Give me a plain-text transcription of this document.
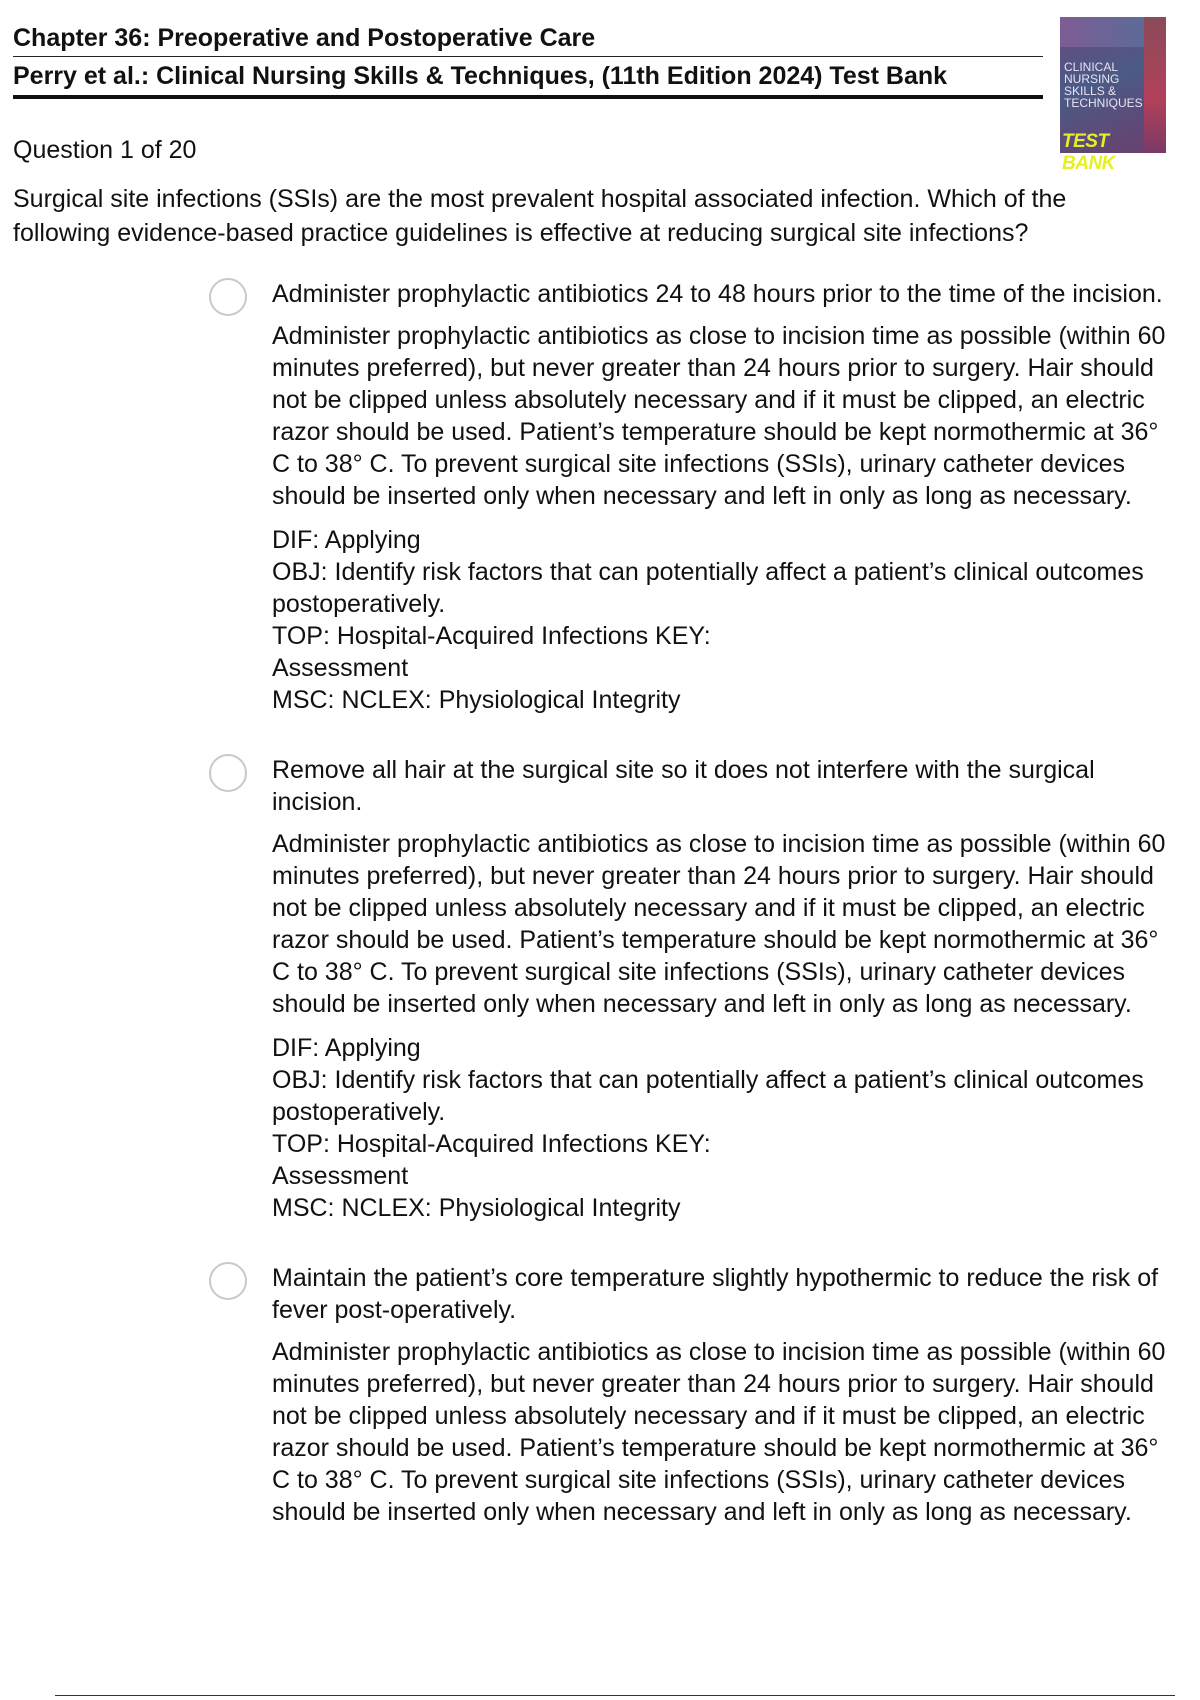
Chapter 36: Preoperative and Postoperative Care
Perry et al.: Clinical Nursing Skills & Techniques, (11th Edition 2024) Test Bank	CLINICAL
NURSING
SKILLS &
TECHNIQUES
TEST BANK
Question 1 of 20
Surgical site infections (SSIs) are the most prevalent hospital associated infection. Which of the following evidence-based practice guidelines is effective at reducing surgical site infections?
Administer prophylactic antibiotics 24 to 48 hours prior to the time of the incision.
Administer prophylactic antibiotics as close to incision time as possible (within 60 minutes preferred), but never greater than 24 hours prior to surgery. Hair should not be clipped unless absolutely necessary and if it must be clipped, an electric razor should be used. Patient’s temperature should be kept normothermic at 36° C to 38° C. To prevent surgical site infections (SSIs), urinary catheter devices should be inserted only when necessary and left in only as long as necessary.
DIF: Applying
OBJ: Identify risk factors that can potentially affect a patient’s clinical outcomes postoperatively.
TOP: Hospital-Acquired Infections KEY:
Assessment
MSC: NCLEX: Physiological Integrity
Remove all hair at the surgical site so it does not interfere with the surgical incision.
Administer prophylactic antibiotics as close to incision time as possible (within 60 minutes preferred), but never greater than 24 hours prior to surgery. Hair should not be clipped unless absolutely necessary and if it must be clipped, an electric razor should be used. Patient’s temperature should be kept normothermic at 36° C to 38° C. To prevent surgical site infections (SSIs), urinary catheter devices should be inserted only when necessary and left in only as long as necessary.
DIF: Applying
OBJ: Identify risk factors that can potentially affect a patient’s clinical outcomes postoperatively.
TOP: Hospital-Acquired Infections KEY:
Assessment
MSC: NCLEX: Physiological Integrity
Maintain the patient’s core temperature slightly hypothermic to reduce the risk of fever post-operatively.
Administer prophylactic antibiotics as close to incision time as possible (within 60 minutes preferred), but never greater than 24 hours prior to surgery. Hair should not be clipped unless absolutely necessary and if it must be clipped, an electric razor should be used. Patient’s temperature should be kept normothermic at 36° C to 38° C. To prevent surgical site infections (SSIs), urinary catheter devices should be inserted only when necessary and left in only as long as necessary.
